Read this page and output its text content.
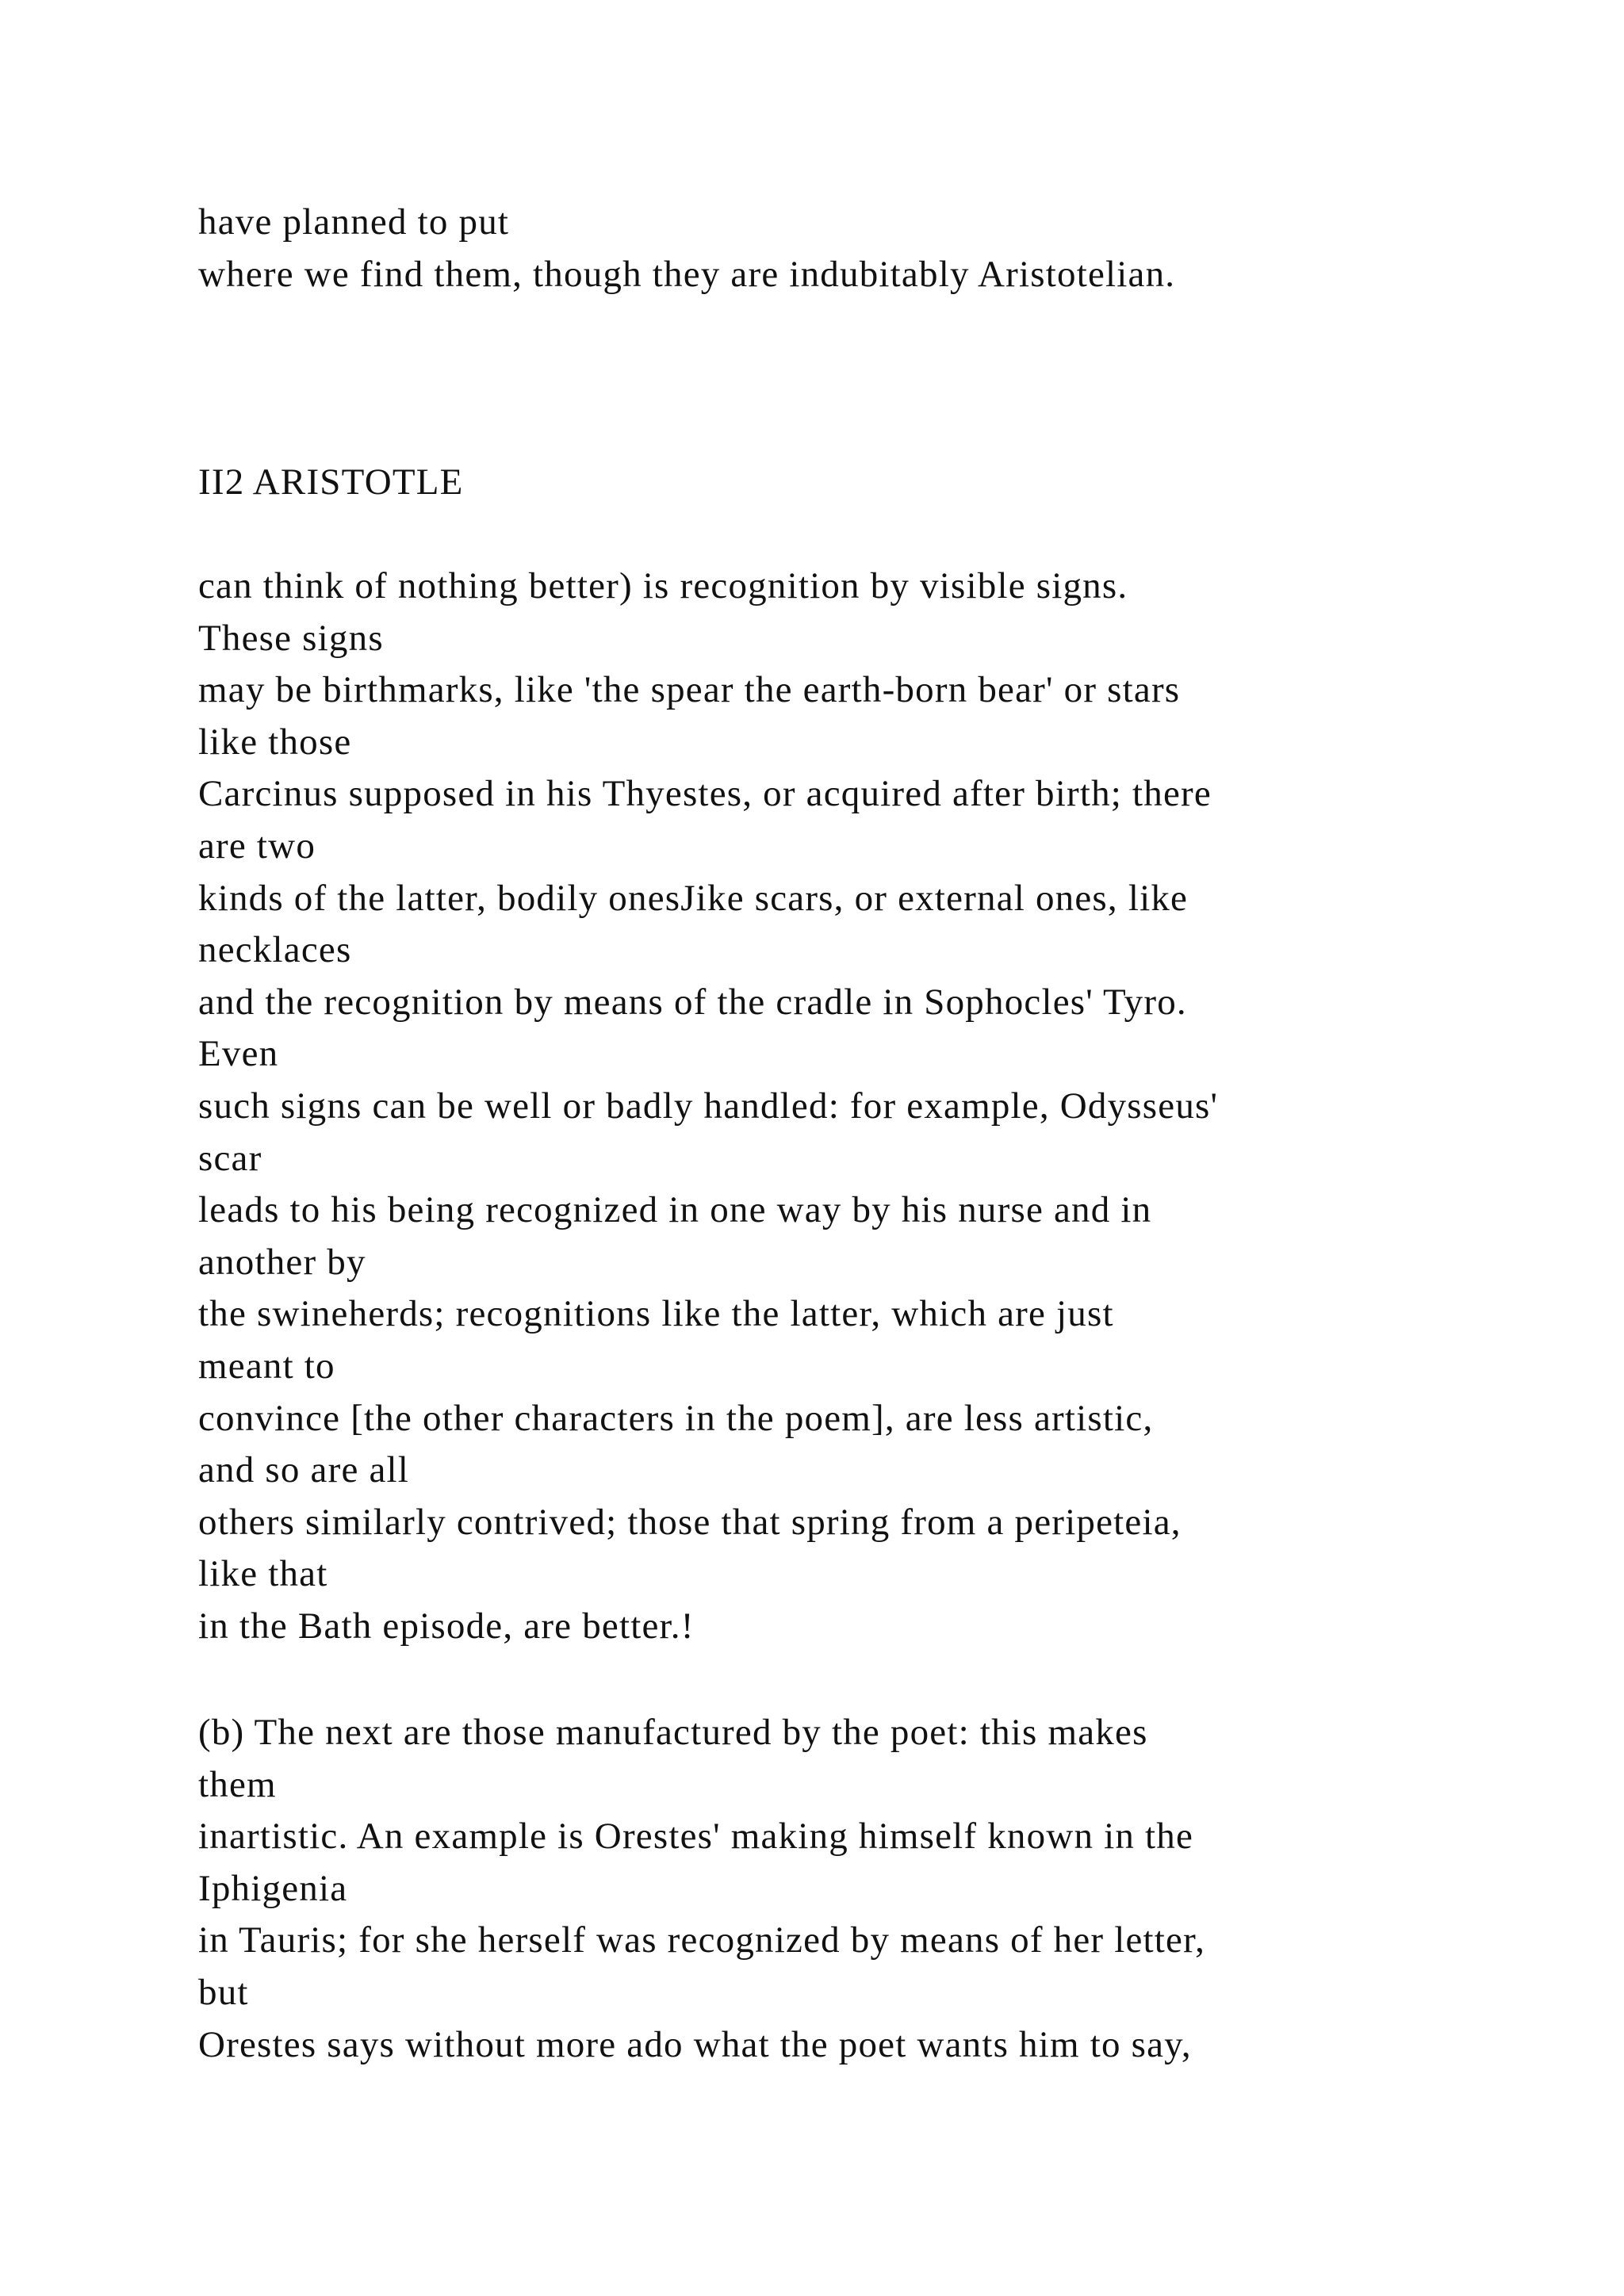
have planned to put
where we find them, though they are indubitably Aristotelian.
II2 ARISTOTLE
can think of nothing better) is recognition by visible signs.
These signs
may be birthmarks, like 'the spear the earth-born bear' or stars
like those
Carcinus supposed in his Thyestes, or acquired after birth; there
are two
kinds of the latter, bodily onesJike scars, or external ones, like
necklaces
and the recognition by means of the cradle in Sophocles' Tyro.
Even
such signs can be well or badly handled: for example, Odysseus'
scar
leads to his being recognized in one way by his nurse and in
another by
the swineherds; recognitions like the latter, which are just
meant to
convince [the other characters in the poem], are less artistic,
and so are all
others similarly contrived; those that spring from a peripeteia,
like that
in the Bath episode, are better.!
(b) The next are those manufactured by the poet: this makes
them
inartistic. An example is Orestes' making himself known in the
Iphigenia
in Tauris; for she herself was recognized by means of her letter,
but
Orestes says without more ado what the poet wants him to say,
